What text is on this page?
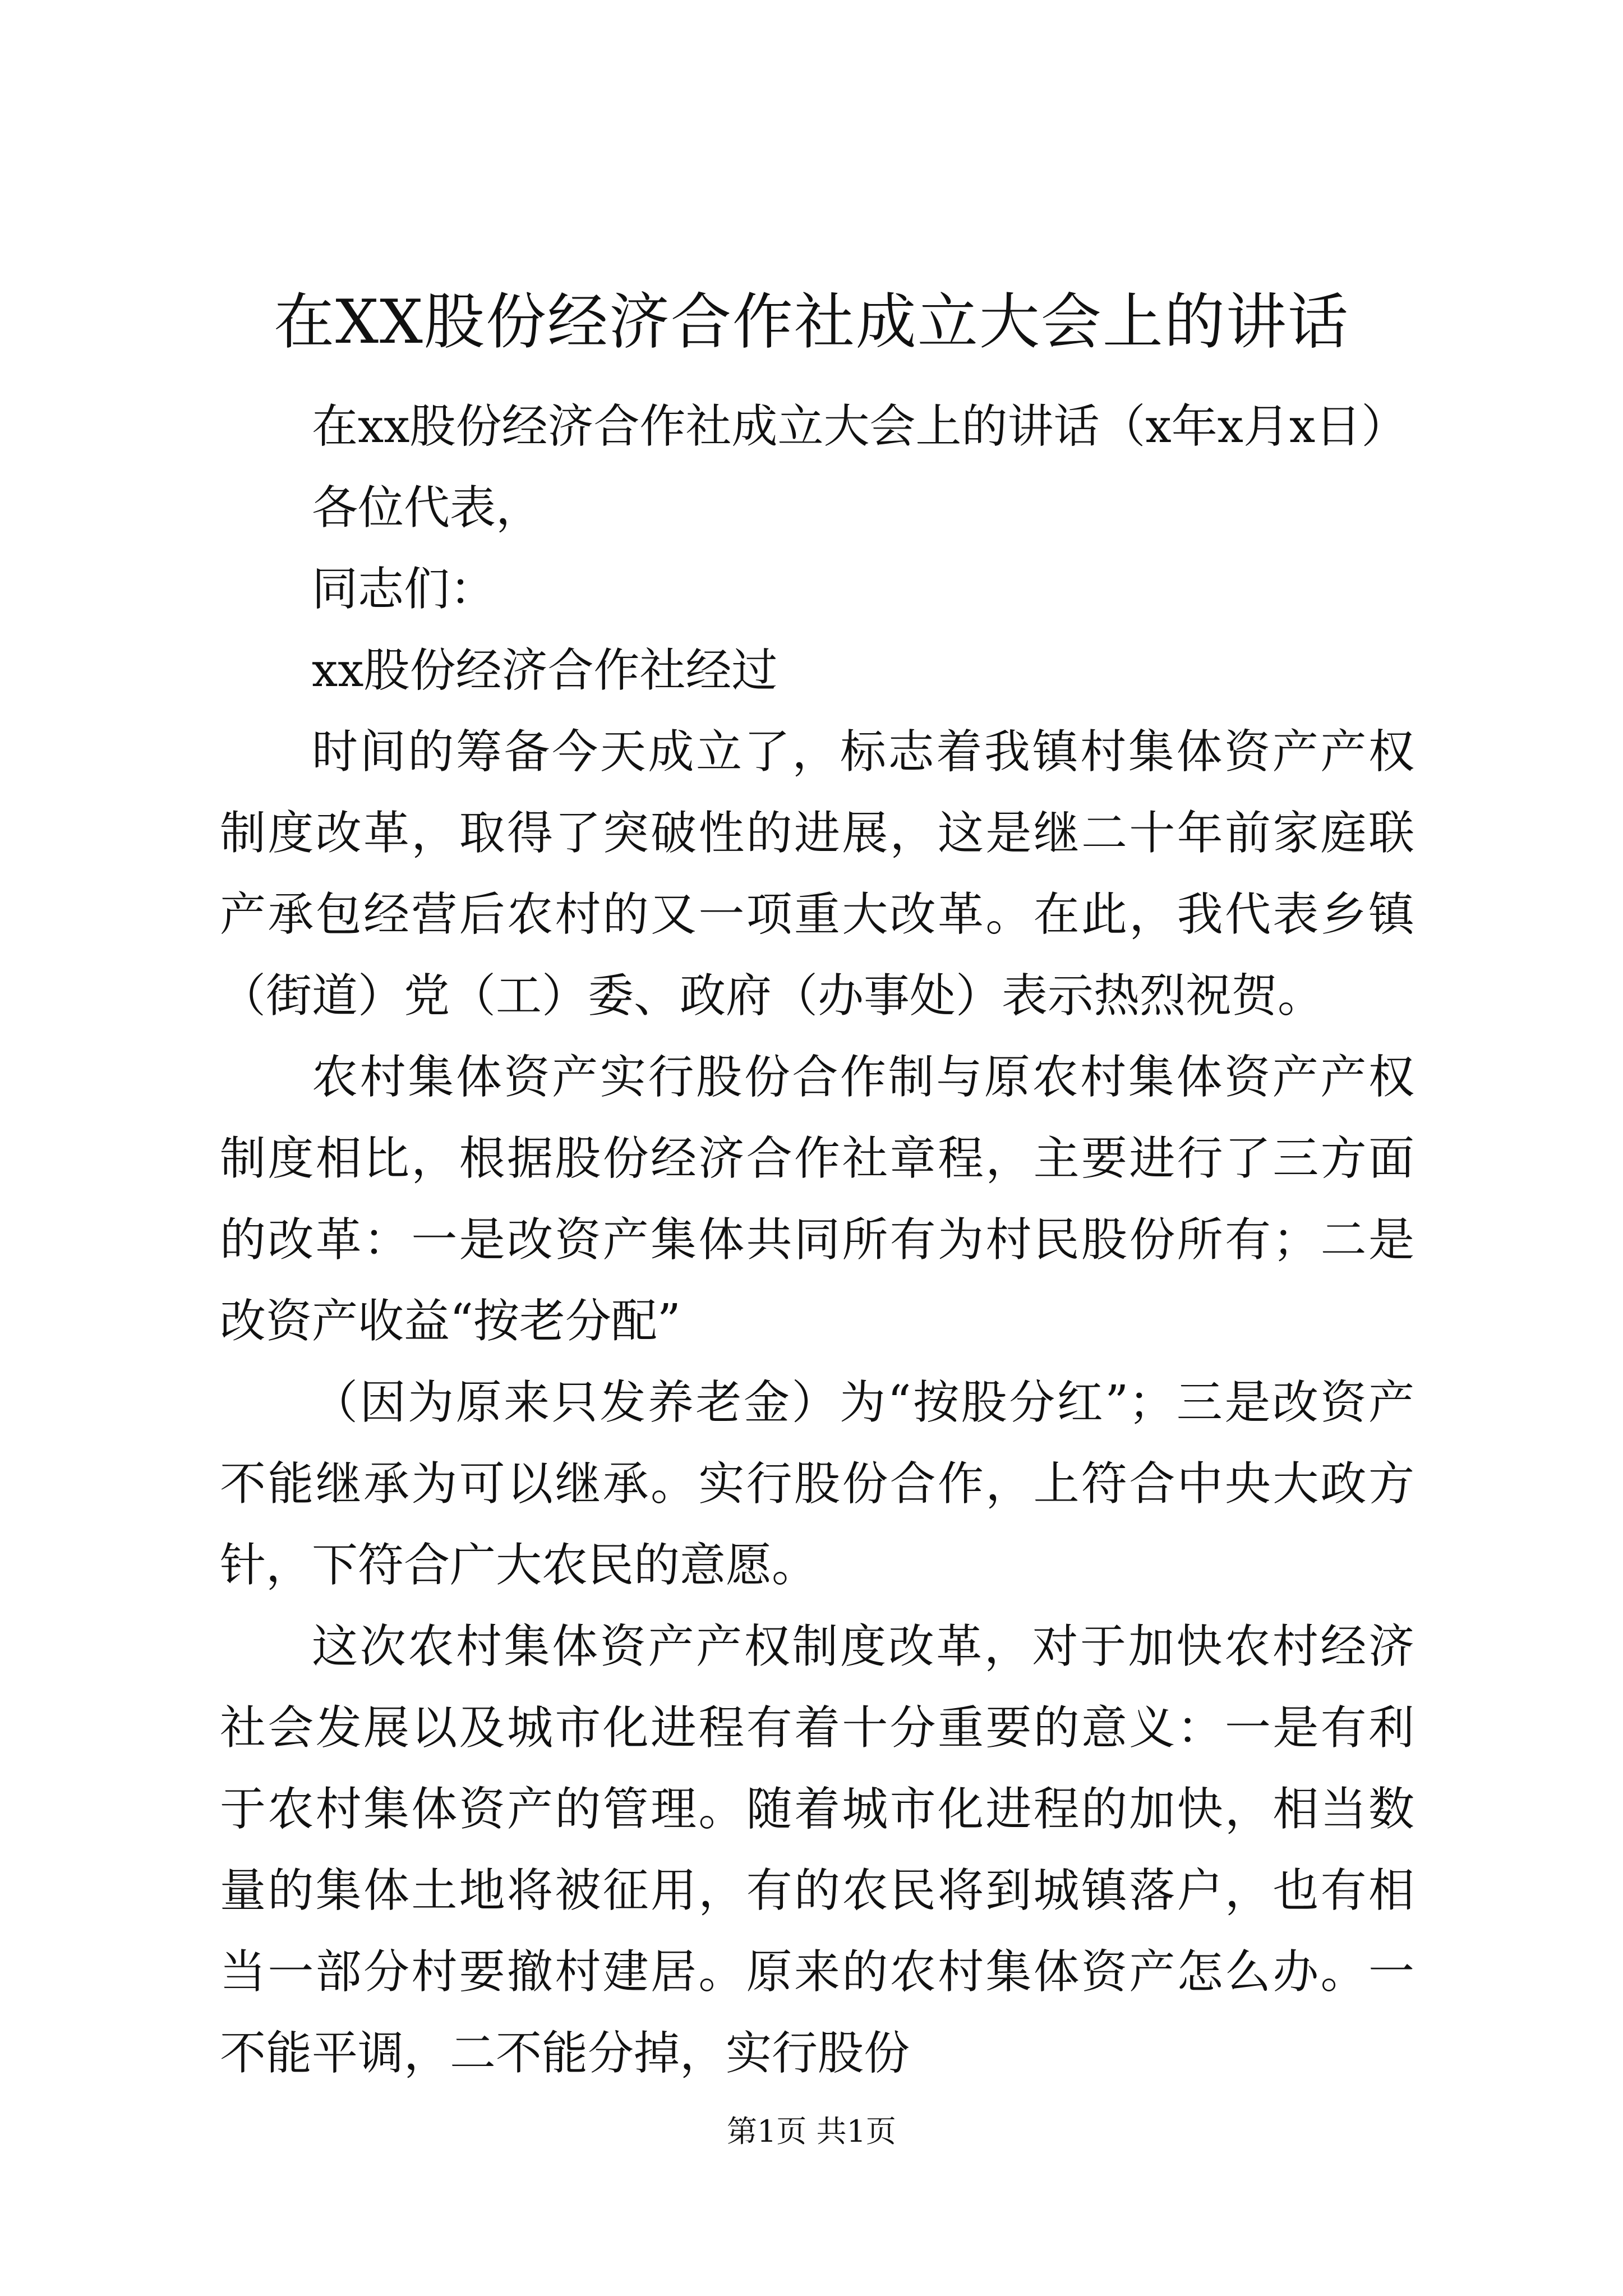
在XX股份经济合作社成立大会上的讲话

在xx股份经济合作社成立大会上的讲话（x年x月x日）

各位代表，

同志们：

xx股份经济合作社经过

时间的筹备今天成立了，标志着我镇村集体资产产权制度改革，取得了突破性的进展，这是继二十年前家庭联产承包经营后农村的又一项重大改革。在此，我代表乡镇（街道）党（工）委、政府（办事处）表示热烈祝贺。

农村集体资产实行股份合作制与原农村集体资产产权制度相比，根据股份经济合作社章程，主要进行了三方面的改革：一是改资产集体共同所有为村民股份所有；二是改资产收益“按老分配”

（因为原来只发养老金）为“按股分红”；三是改资产不能继承为可以继承。实行股份合作，上符合中央大政方针，下符合广大农民的意愿。

这次农村集体资产产权制度改革，对于加快农村经济社会发展以及城市化进程有着十分重要的意义：一是有利于农村集体资产的管理。随着城市化进程的加快，相当数量的集体土地将被征用，有的农民将到城镇落户，也有相当一部分村要撤村建居。原来的农村集体资产怎么办。一不能平调，二不能分掉，实行股份

第1页 共1页
